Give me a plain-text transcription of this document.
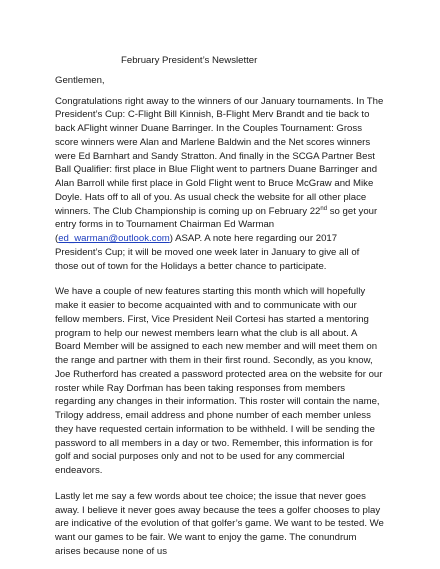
February President’s Newsletter
Gentlemen,

Congratulations right away to the winners of our January tournaments. In The President’s Cup: C-Flight Bill Kinnish, B-Flight Merv Brandt and tie back to back AFlight winner Duane Barringer. In the Couples Tournament: Gross score winners were Alan and Marlene Baldwin and the Net scores winners were Ed Barnhart and Sandy Stratton. And finally in the SCGA Partner Best Ball Qualifier: first place in Blue Flight went to partners Duane Barringer and Alan Barroll while first place in Gold Flight went to Bruce McGraw and Mike Doyle. Hats off to all of you. As usual check the website for all other place winners. The Club Championship is coming up on February 22nd so get your entry forms in to Tournament Chairman Ed Warman (ed_warman@outlook.com) ASAP. A note here regarding our 2017 President’s Cup; it will be moved one week later in January to give all of those out of town for the Holidays a better chance to participate.

We have a couple of new features starting this month which will hopefully make it easier to become acquainted with and to communicate with our fellow members. First, Vice President Neil Cortesi has started a mentoring program to help our newest members learn what the club is all about. A Board Member will be assigned to each new member and will meet them on the range and partner with them in their first round. Secondly, as you know, Joe Rutherford has created a password protected area on the website for our roster while Ray Dorfman has been taking responses from members regarding any changes in their information. This roster will contain the name, Trilogy address, email address and phone number of each member unless they have requested certain information to be withheld. I will be sending the password to all members in a day or two. Remember, this information is for golf and social purposes only and not to be used for any commercial endeavors.

Lastly let me say a few words about tee choice; the issue that never goes away. I believe it never goes away because the tees a golfer chooses to play are indicative of the evolution of that golfer’s game. We want to be tested. We want our games to be fair. We want to enjoy the game. The conundrum arises because none of us
